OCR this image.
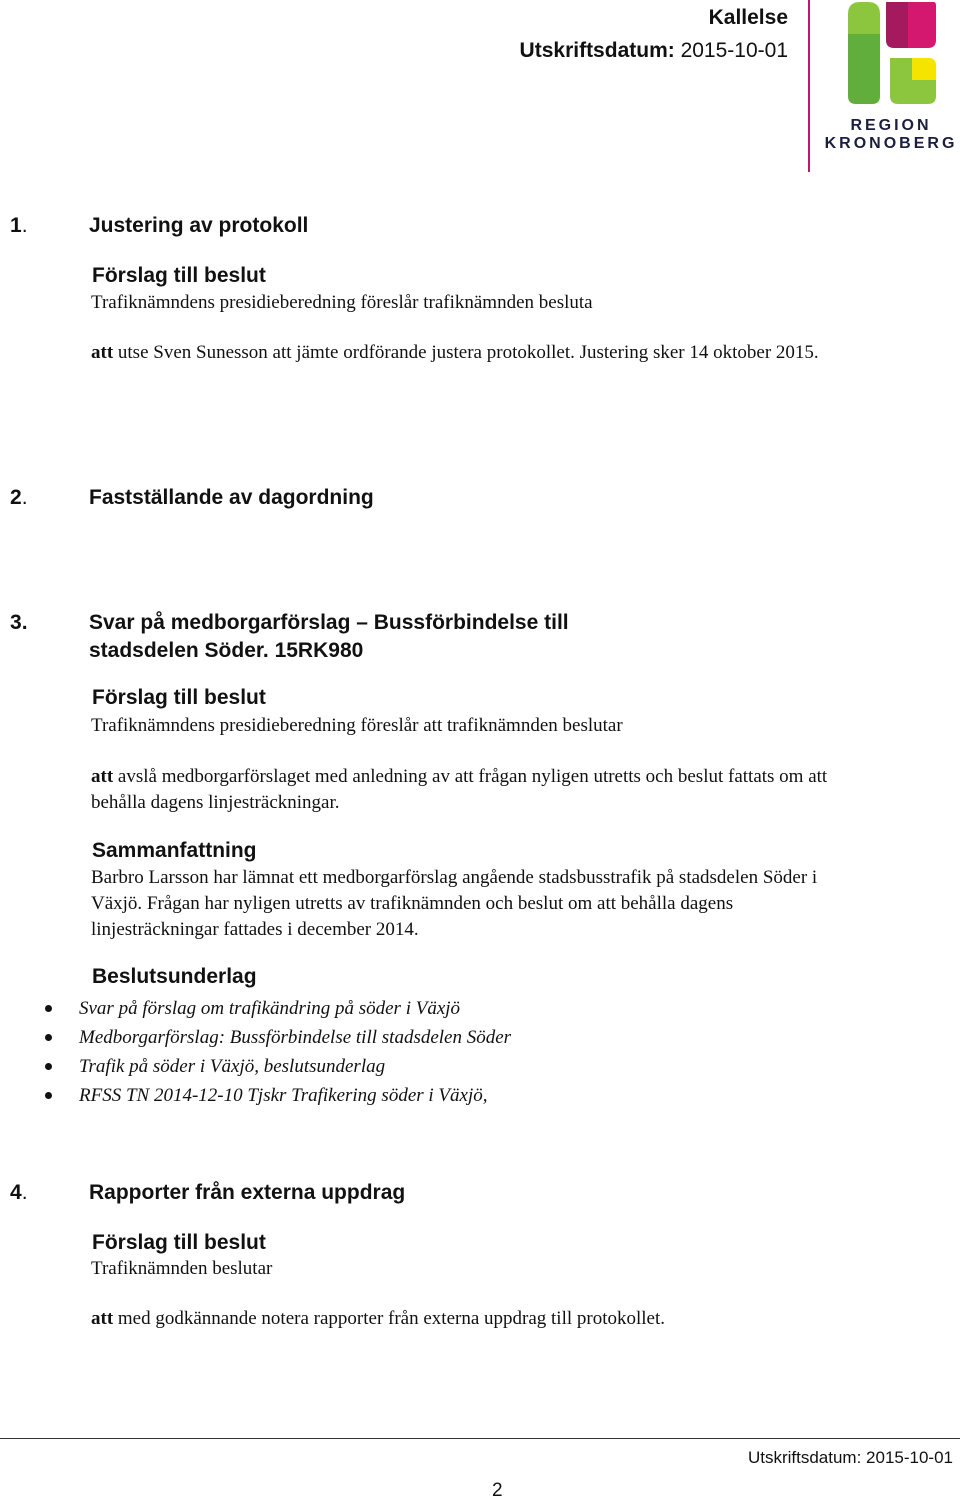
Kallelse
Utskriftsdatum: 2015-10-01
REGION
KRONOBERG
1.	Justering av protokoll
Förslag till beslut
Trafiknämndens presidieberedning föreslår trafiknämnden besluta
att utse Sven Sunesson att jämte ordförande justera protokollet. Justering sker 14 oktober 2015.
2.	Fastställande av dagordning
3.	Svar på medborgarförslag – Bussförbindelse till
stadsdelen Söder. 15RK980
Förslag till beslut
Trafiknämndens presidieberedning föreslår att trafiknämnden beslutar
att avslå medborgarförslaget med anledning av att frågan nyligen utretts och beslut fattats om att behålla dagens linjesträckningar.
Sammanfattning
Barbro Larsson har lämnat ett medborgarförslag angående stadsbusstrafik på stadsdelen Söder i Växjö. Frågan har nyligen utretts av trafiknämnden och beslut om att behålla dagens linjesträckningar fattades i december 2014.
Beslutsunderlag
Svar på förslag om trafikändring på söder i Växjö
Medborgarförslag: Bussförbindelse till stadsdelen Söder
Trafik på söder i Växjö, beslutsunderlag
RFSS TN 2014-12-10 Tjskr Trafikering söder i Växjö,
4.	Rapporter från externa uppdrag
Förslag till beslut
Trafiknämnden beslutar
att med godkännande notera rapporter från externa uppdrag till protokollet.
Utskriftsdatum: 2015-10-01
2
